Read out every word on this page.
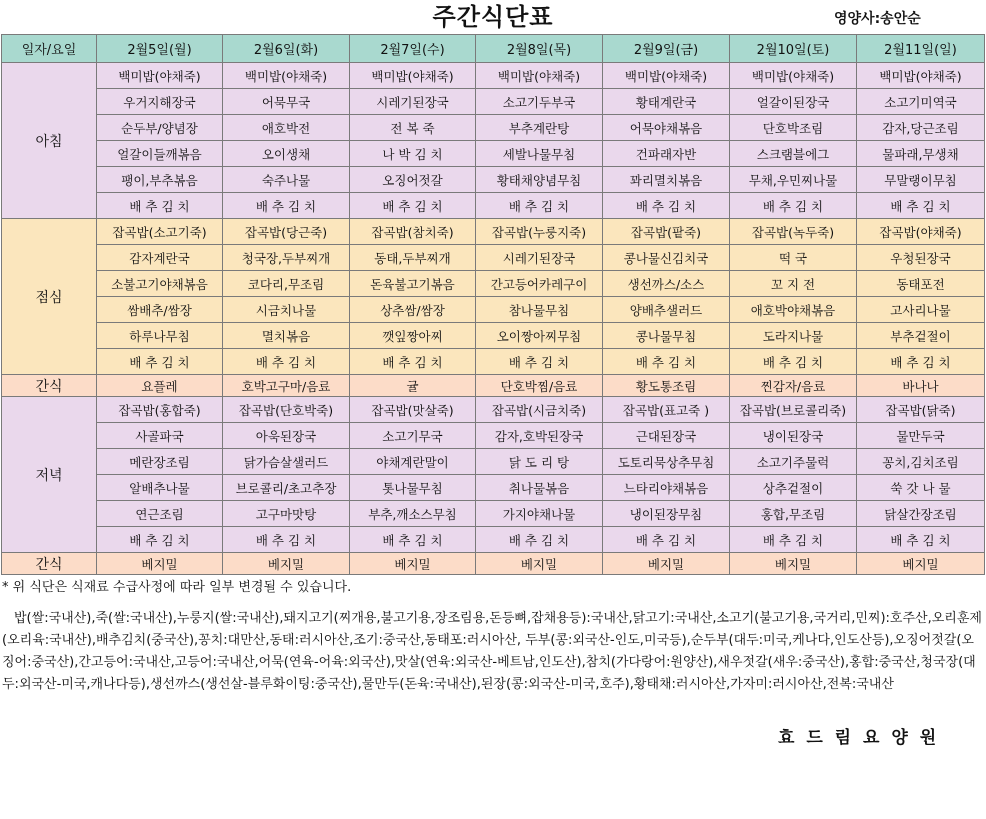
주간식단표	영양사:송안순
일자/요일	2월5일(월)	2월6일(화)	2월7일(수)	2월8일(목)	2월9일(금)	2월10일(토)	2월11일(일)
아침	백미밥(야채죽)	백미밥(야채죽)	백미밥(야채죽)	백미밥(야채죽)	백미밥(야채죽)	백미밥(야채죽)	백미밥(야채죽)
	우거지해장국	어묵무국	시레기된장국	소고기두부국	황태계란국	얼갈이된장국	소고기미역국
	순두부/양념장	애호박전	전 복 죽	부추계란탕	어묵야채볶음	단호박조림	감자,당근조림
	얼갈이들깨볶음	오이생채	나 박 김 치	세발나물무침	건파래자반	스크램블에그	물파래,무생채
	팽이,부추볶음	숙주나물	오징어젓갈	황태채양념무침	꽈리멸치볶음	무채,우민찌나물	무말랭이무침
	배 추 김 치	배 추 김 치	배 추 김 치	배 추 김 치	배 추 김 치	배 추 김 치	배 추 김 치
점심	잡곡밥(소고기죽)	잡곡밥(당근죽)	잡곡밥(참치죽)	잡곡밥(누룽지죽)	잡곡밥(팥죽)	잡곡밥(녹두죽)	잡곡밥(야채죽)
	감자계란국	청국장,두부찌개	동태,두부찌개	시레기된장국	콩나물신김치국	떡 국	우청된장국
	소불고기야채볶음	코다리,무조림	돈육불고기볶음	간고등어카레구이	생선까스/소스	꼬 지 전	동태포전
	쌈배추/쌈장	시금치나물	상추쌈/쌈장	참나물무침	양배추샐러드	애호박야채볶음	고사리나물
	하루나무침	멸치볶음	깻잎짱아찌	오이짱아찌무침	콩나물무침	도라지나물	부추겉절이
	배 추 김 치	배 추 김 치	배 추 김 치	배 추 김 치	배 추 김 치	배 추 김 치	배 추 김 치
간식	요플레	호박고구마/음료	귤	단호박찜/음료	황도통조림	찐감자/음료	바나나
저녁	잡곡밥(홍합죽)	잡곡밥(단호박죽)	잡곡밥(맛살죽)	잡곡밥(시금치죽)	잡곡밥(표고죽 )	잡곡밥(브로콜리죽)	잡곡밥(닭죽)
	사골파국	아욱된장국	소고기무국	감자,호박된장국	근대된장국	냉이된장국	물만두국
	메란장조림	닭가슴살샐러드	야채계란말이	닭 도 리 탕	도토리묵상추무침	소고기주물럭	꽁치,김치조림
	알배추나물	브로콜리/초고추장	톳나물무침	취나물볶음	느타리야채볶음	상추겉절이	쑥 갓 나 물
	연근조림	고구마맛탕	부추,깨소스무침	가지야채나물	냉이된장무침	홍합,무조림	닭살간장조림
	배 추 김 치	배 추 김 치	배 추 김 치	배 추 김 치	배 추 김 치	배 추 김 치	배 추 김 치
간식	베지밀	베지밀	베지밀	베지밀	베지밀	베지밀	베지밀
* 위 식단은 식재료 수급사정에 따라 일부 변경될 수 있습니다.
밥(쌀:국내산),죽(쌀:국내산),누룽지(쌀:국내산),돼지고기(찌개용,불고기용,장조림용,돈등뼈,잡채용등):국내산,닭고기:국내산,소고기(불고기용,국거리,민찌):호주산,오리훈제(오리육:국내산),배추김치(중국산),꽁치:대만산,동태:러시아산,조기:중국산,동태포:러시아산, 두부(콩:외국산-인도,미국등),순두부(대두:미국,케나다,인도산등),오징어젓갈(오징어:중국산),간고등어:국내산,고등어:국내산,어묵(연육-어육:외국산),맛살(연육:외국산-베트남,인도산),참치(가다랑어:원양산),새우젓갈(새우:중국산),홍합:중국산,청국장(대두:외국산-미국,캐나다등),생선까스(생선살-블루화이팅:중국산),물만두(돈육:국내산),된장(콩:외국산-미국,호주),황태채:러시아산,가자미:러시아산,전복:국내산
효 드 림 요 양 원
